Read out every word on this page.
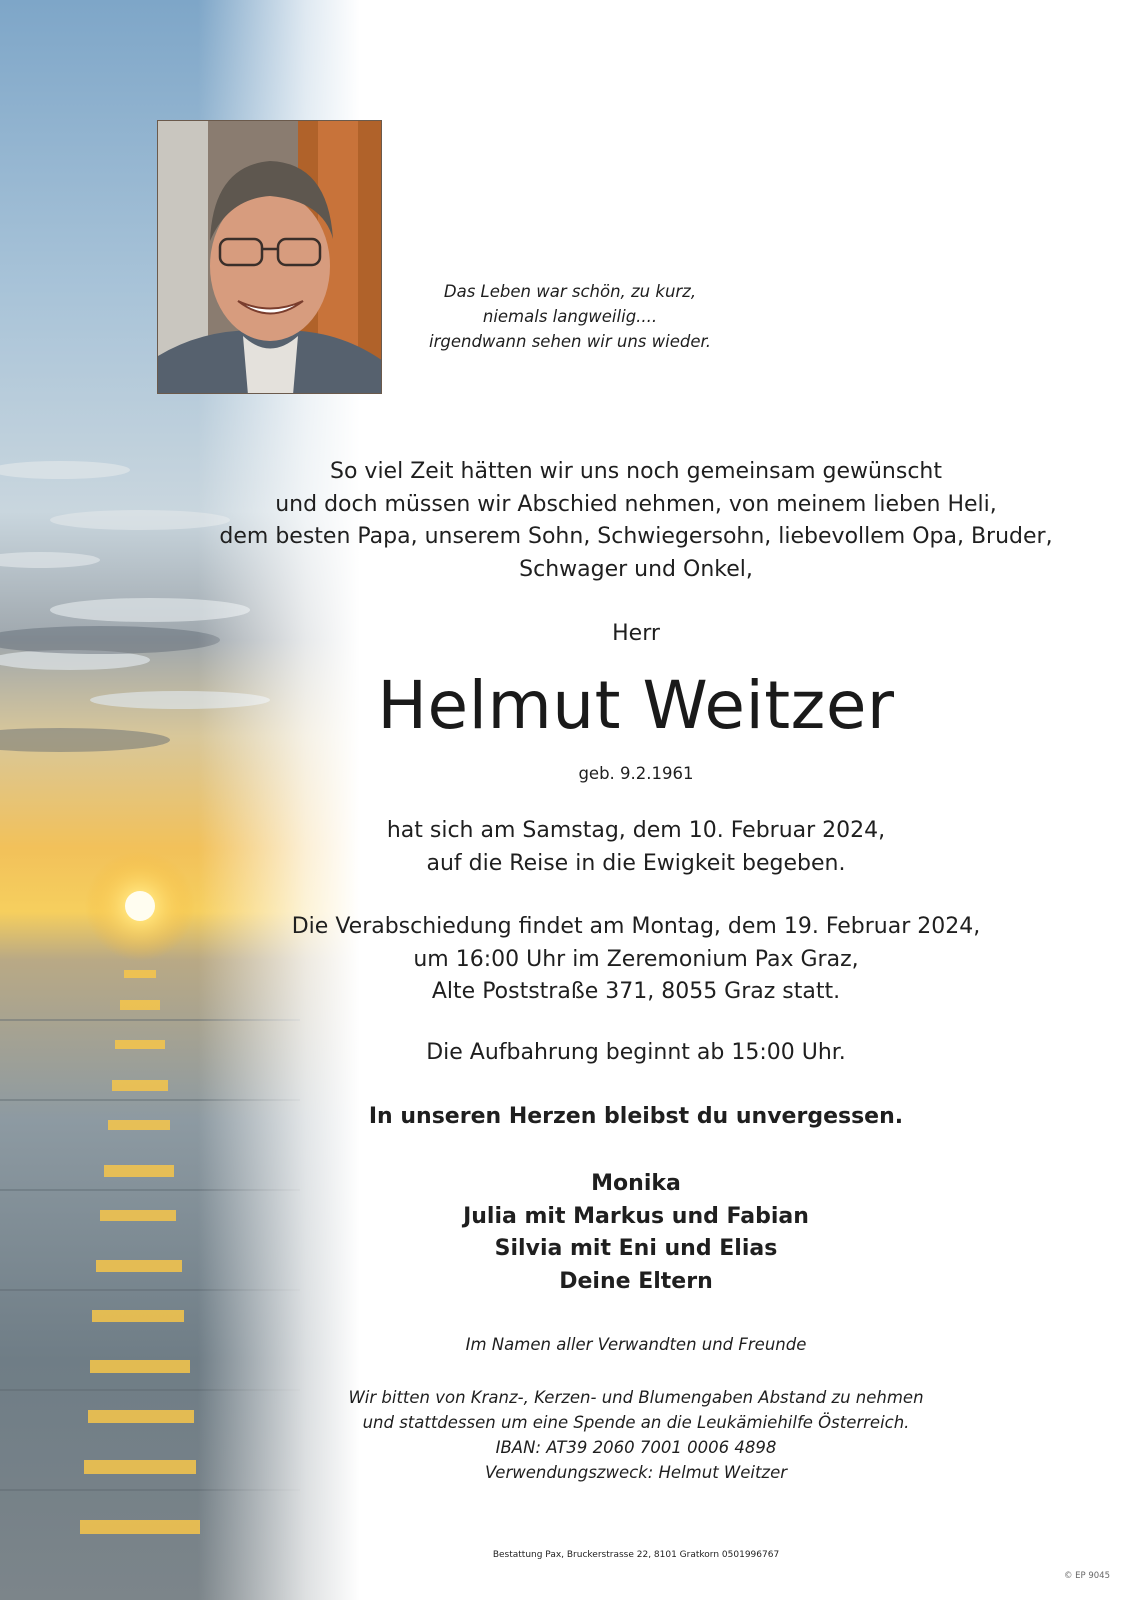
Das Leben war schön, zu kurz,
niemals langweilig....
irgendwann sehen wir uns wieder.
So viel Zeit hätten wir uns noch gemeinsam gewünscht
und doch müssen wir Abschied nehmen, von meinem lieben Heli,
dem besten Papa, unserem Sohn, Schwiegersohn, liebevollem Opa, Bruder,
Schwager und Onkel,
Herr
Helmut Weitzer
geb. 9.2.1961
hat sich am Samstag, dem 10. Februar 2024,
auf die Reise in die Ewigkeit begeben.
Die Verabschiedung findet am Montag, dem 19. Februar 2024,
um 16:00 Uhr im Zeremonium Pax Graz,
Alte Poststraße 371, 8055 Graz statt.
Die Aufbahrung beginnt ab 15:00 Uhr.
In unseren Herzen bleibst du unvergessen.
Monika
Julia mit Markus und Fabian
Silvia mit Eni und Elias
Deine Eltern
Im Namen aller Verwandten und Freunde
Wir bitten von Kranz-, Kerzen- und Blumengaben Abstand zu nehmen
und stattdessen um eine Spende an die Leukämiehilfe Österreich.
IBAN: AT39 2060 7001 0006 4898
Verwendungszweck: Helmut Weitzer
Bestattung Pax, Bruckerstrasse 22, 8101 Gratkorn 0501996767
© EP 9045
